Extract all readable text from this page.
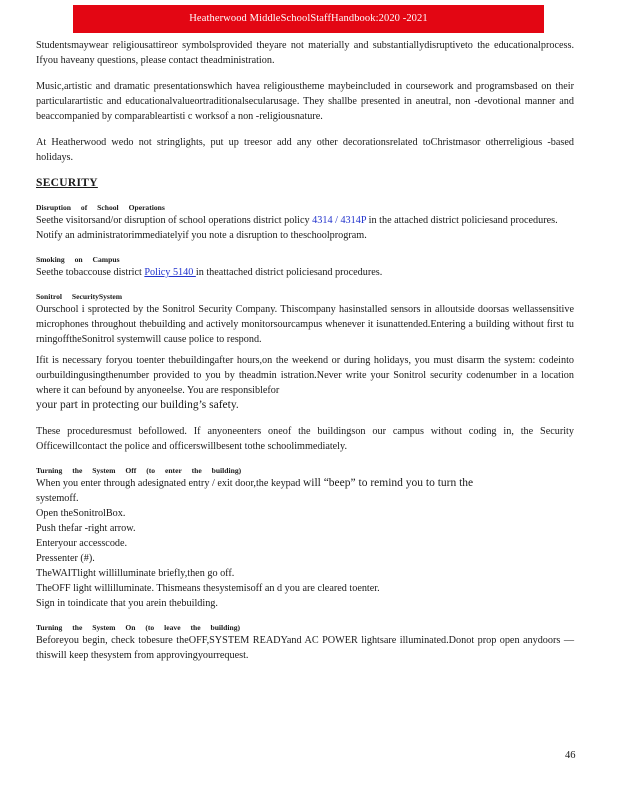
Heatherwood MiddleSchoolStaffHandbook:2020 -2021

Studentsmaywear religiousattireor symbolsprovided theyare not materially and substantiallydisruptiveto the educationalprocess. Ifyou haveany questions, please contact theadministration.

Music,artistic and dramatic presentationswhich havea religioustheme maybeincluded in coursework and programsbased on their particularartistic and educationalvalueortraditionalsecularusage. They shallbe presented in aneutral, non -devotional manner and beaccompanied by comparableartisti c worksof a non -religiousnature.

At Heatherwood wedo not stringlights, put up treesor add any other decorationsrelated toChristmasor otherreligious -based holidays.

SECURITY

Disruption of School Operations

Seethe visitorsand/or disruption of school operations district policy 4314 / 4314P in the attached district policiesand procedures.

Notify an administratorimmediatelyif you note a disruption to theschoolprogram.

Smoking on Campus

Seethe tobaccouse district Policy 5140 in theattached district policiesand procedures.

Sonitrol SecuritySystem

Ourschool i sprotected by the Sonitrol Security Company. Thiscompany hasinstalled sensors in alloutside doorsas wellassensitive microphones throughout thebuilding and actively monitorsourcampus whenever it isunattended.Entering a building without first tu rningofftheSonitrol systemwill cause police to respond.

Ifit is necessary foryou toenter thebuildingafter hours,on the weekend or during holidays, you must disarm the system: codeinto ourbuildingusingthenumber provided to you by theadmin istration.Never write your Sonitrol security codenumber in a location where it can befound by anyoneelse. You are responsiblefor

your part in protecting our building’s safety.

These proceduresmust befollowed. If anyoneenters oneof the buildingson our campus without coding in, the Security Officewillcontact the police and officerswillbesent tothe schoolimmediately.

Turning the System Off (to enter the building)

When you enter through adesignated entry / exit door,the keypad will “beep” to remind you to turn the

systemoff.

Open theSonitrolBox.

Push thefar -right arrow.

Enteryour accesscode.

Pressenter (#).

TheWAITlight willilluminate briefly,then go off.

TheOFF light willilluminate. Thismeans thesystemisoff an d you are cleared toenter.

Sign in toindicate that you arein thebuilding.

Turning the System On (to leave the building)

Beforeyou begin, check tobesure theOFF,SYSTEM READYand AC POWER lightsare illuminated.Donot prop open anydoors —thiswill keep thesystem from approvingyourrequest.

46
